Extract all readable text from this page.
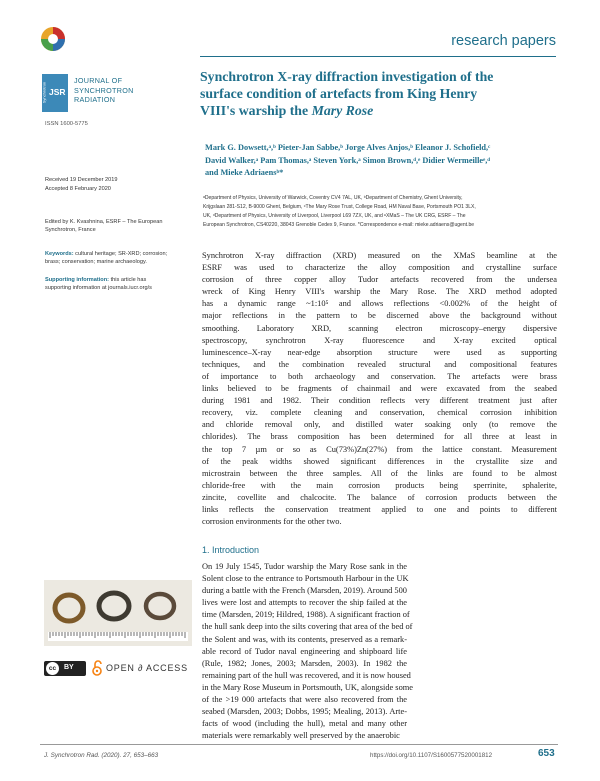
research papers
Synchrotron JSR
JOURNAL OF
SYNCHROTRON
RADIATION
ISSN 1600-5775
Synchrotron X-ray diffraction investigation of the
surface condition of artefacts from King Henry
VIII's warship the Mary Rose
Mark G. Dowsett,ᵃ,ᵇ Pieter-Jan Sabbe,ᵇ Jorge Alves Anjos,ᵇ Eleanor J. Schofield,ᶜ
David Walker,ᵃ Pam Thomas,ᵃ Steven York,ᵃ Simon Brown,ᵈ,ᵉ Didier Wermeilleᵉ,ᵈ
and Mieke Adriaensᵇ*
ᵃDepartment of Physics, University of Warwick, Coventry CV4 7AL, UK, ᵇDepartment of Chemistry, Ghent University,
Krijgslaan 281-S12, B-9000 Ghent, Belgium, ᶜThe Mary Rose Trust, College Road, HM Naval Base, Portsmouth PO1 3LX,
UK, ᵈDepartment of Physics, University of Liverpool, Liverpool L69 7ZX, UK, and ᵉXMaS – The UK CRG, ESRF – The
European Synchrotron, CS40220, 38043 Grenoble Cedex 9, France. *Correspondence e-mail: mieke.adriaens@ugent.be
Received 19 December 2019
Accepted 8 February 2020
Edited by K. Kvashnina, ESRF – The European
Synchrotron, France
Keywords: cultural heritage; SR-XRD; corrosion;
brass; conservation; marine archaeology.
Supporting information: this article has
supporting information at journals.iucr.org/s
Synchrotron X-ray diffraction (XRD) measured on the XMaS beamline at the
ESRF was used to characterize the alloy composition and crystalline surface
corrosion of three copper alloy Tudor artefacts recovered from the undersea
wreck of King Henry VIII's warship the Mary Rose. The XRD method adopted
has a dynamic range ~1:10⁵ and allows reflections <0.002% of the height of
major reflections in the pattern to be discerned above the background without
smoothing. Laboratory XRD, scanning electron microscopy–energy dispersive
spectroscopy, synchrotron X-ray fluorescence and X-ray excited optical
luminescence–X-ray near-edge absorption structure were used as supporting
techniques, and the combination revealed structural and compositional features
of importance to both archaeology and conservation. The artefacts were brass
links believed to be fragments of chainmail and were excavated from the seabed
during 1981 and 1982. Their condition reflects very different treatment just after
recovery, viz. complete cleaning and conservation, chemical corrosion inhibition
and chloride removal only, and distilled water soaking only (to remove the
chlorides). The brass composition has been determined for all three at least in
the top 7 µm or so as Cu(73%)Zn(27%) from the lattice constant. Measurement
of the peak widths showed significant differences in the crystallite size and
microstrain between the three samples. All of the links are found to be almost
chloride-free with the main corrosion products being sperrinite, sphalerite,
zincite, covellite and chalcocite. The balance of corrosion products between the
links reflects the conservation treatment applied to one and points to different
corrosion environments for the other two.
1. Introduction
On 19 July 1545, Tudor warship the Mary Rose sank in the
Solent close to the entrance to Portsmouth Harbour in the UK
during a battle with the French (Marsden, 2019). Around 500
lives were lost and attempts to recover the ship failed at the
time (Marsden, 2019; Hildred, 1988). A significant fraction of
the hull sank deep into the silts covering that area of the bed of
the Solent and was, with its contents, preserved as a remark-
able record of Tudor naval engineering and shipboard life
(Rule, 1982; Jones, 2003; Marsden, 2003). In 1982 the
remaining part of the hull was recovered, and it is now housed
in the Mary Rose Museum in Portsmouth, UK, alongside some
of the >19 000 artefacts that were also recovered from the
seabed (Marsden, 2003; Dobbs, 1995; Mealing, 2013). Arte-
facts of wood (including the hull), metal and many other
materials were remarkably well preserved by the anaerobic
cc	BY	OPEN ∂ ACCESS
J. Synchrotron Rad. (2020). 27, 653–663	https://doi.org/10.1107/S1600577520001812	653
